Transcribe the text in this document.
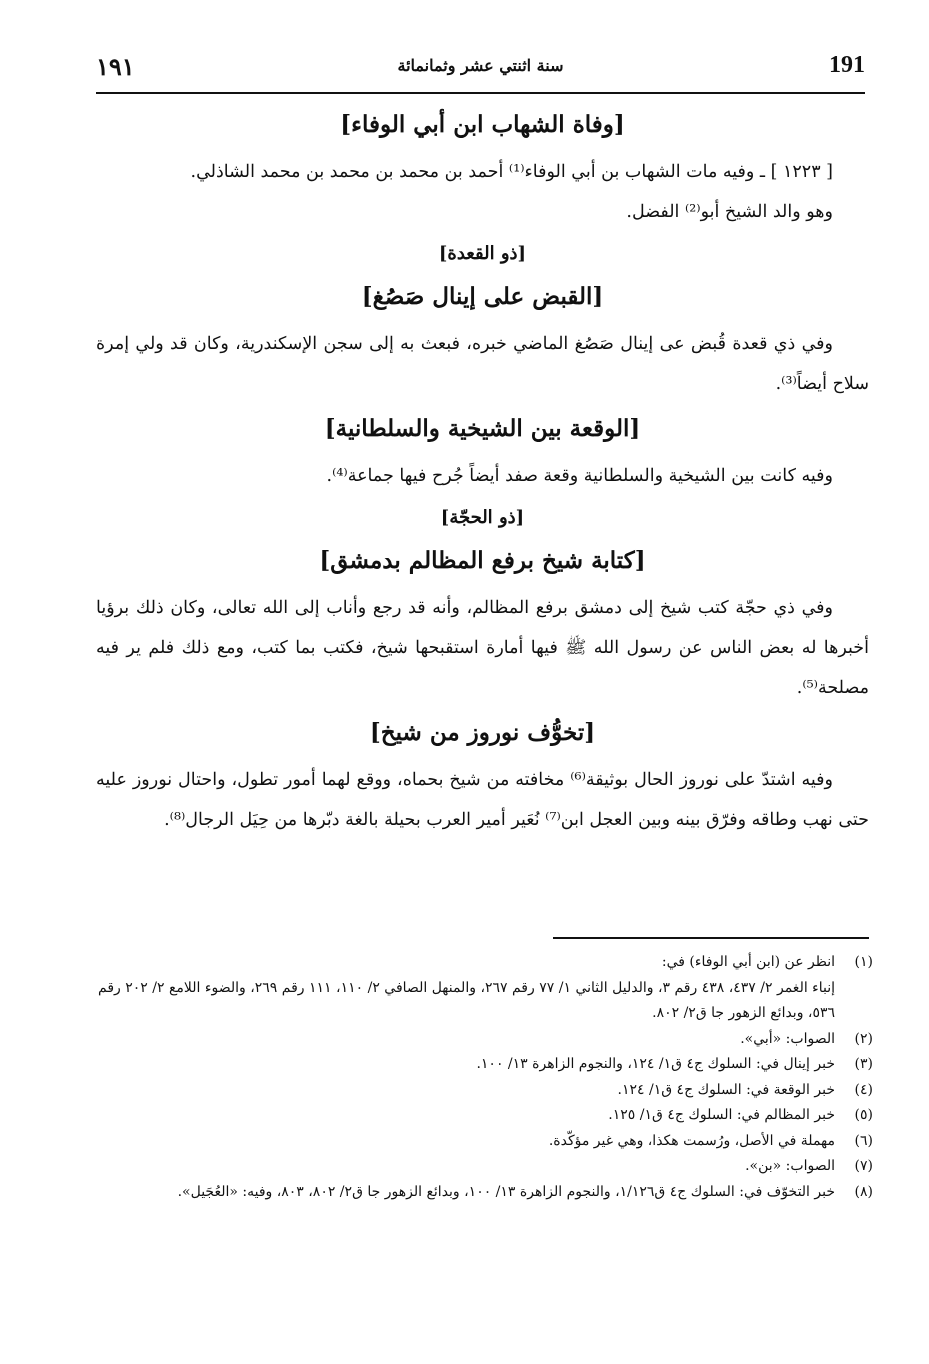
١٩١	سنة اثنتي عشر وثمانمائة	191
[وفاة الشهاب ابن أبي الوفاء]

[ ١٢٢٣ ] ـ وفيه مات الشهاب بن أبي الوفاء⁽¹⁾ أحمد بن محمد بن محمد بن محمد الشاذلي.

وهو والد الشيخ أبو⁽²⁾ الفضل.

[ذو القعدة]
[القبض على إينال صَصُغ]

وفي ذي قعدة قُبض عى إينال صَصُغ الماضي خبره، فبعث به إلى سجن الإسكندرية، وكان قد ولي إمرة سلاح أيضاً⁽³⁾.

[الوقعة بين الشيخية والسلطانية]

وفيه كانت بين الشيخية والسلطانية وقعة صفد أيضاً جُرح فيها جماعة⁽⁴⁾.

[ذو الحجّة]
[كتابة شيخ برفع المظالم بدمشق]

وفي ذي حجّة كتب شيخ إلى دمشق برفع المظالم، وأنه قد رجع وأناب إلى الله تعالى، وكان ذلك برؤيا أخبرها له بعض الناس عن رسول الله ﷺ فيها أمارة استقبحها شيخ، فكتب بما كتب، ومع ذلك فلم ير فيه مصلحة⁽⁵⁾.

[تخوُّف نوروز من شيخ]

وفيه اشتدّ على نوروز الحال بوثيقة⁽⁶⁾ مخافته من شيخ بحماه، ووقع لهما أمور تطول، واحتال نوروز عليه حتى نهب وطاقه وفرّق بينه وبين العجل ابن⁽⁷⁾ نُعَير أمير العرب بحيلة بالغة دبّرها من حِيَل الرجال⁽⁸⁾.

(١)
انظر عن (ابن أبي الوفاء) في:
إنباء الغمر ٢/ ٤٣٧، ٤٣٨ رقم ٣، والدليل الثاني ١/ ٧٧ رقم ٢٦٧، والمنهل الصافي ٢/ ١١٠، ١١١ رقم ٢٦٩، والضوء اللامع ٢/ ٢٠٢ رقم ٥٣٦، وبدائع الزهور جا ق٢/ ٨٠٢.
(٢)
الصواب: «أبي».
(٣)
خبر إينال في: السلوك ج٤ ق١/ ١٢٤، والنجوم الزاهرة ١٣/ ١٠٠.
(٤)
خبر الوقعة في: السلوك ج٤ ق١/ ١٢٤.
(٥)
خبر المظالم في: السلوك ج٤ ق١/ ١٢٥.
(٦)
مهملة في الأصل، ورُسمت هكذا، وهي غير مؤكّدة.
(٧)
الصواب: «بن».
(٨)
خبر التخوّف في: السلوك ج٤ ق١/١٢٦، والنجوم الزاهرة ١٣/ ١٠٠، وبدائع الزهور جا ق٢/ ٨٠٢، ٨٠٣، وفيه: «العُجَيل».
